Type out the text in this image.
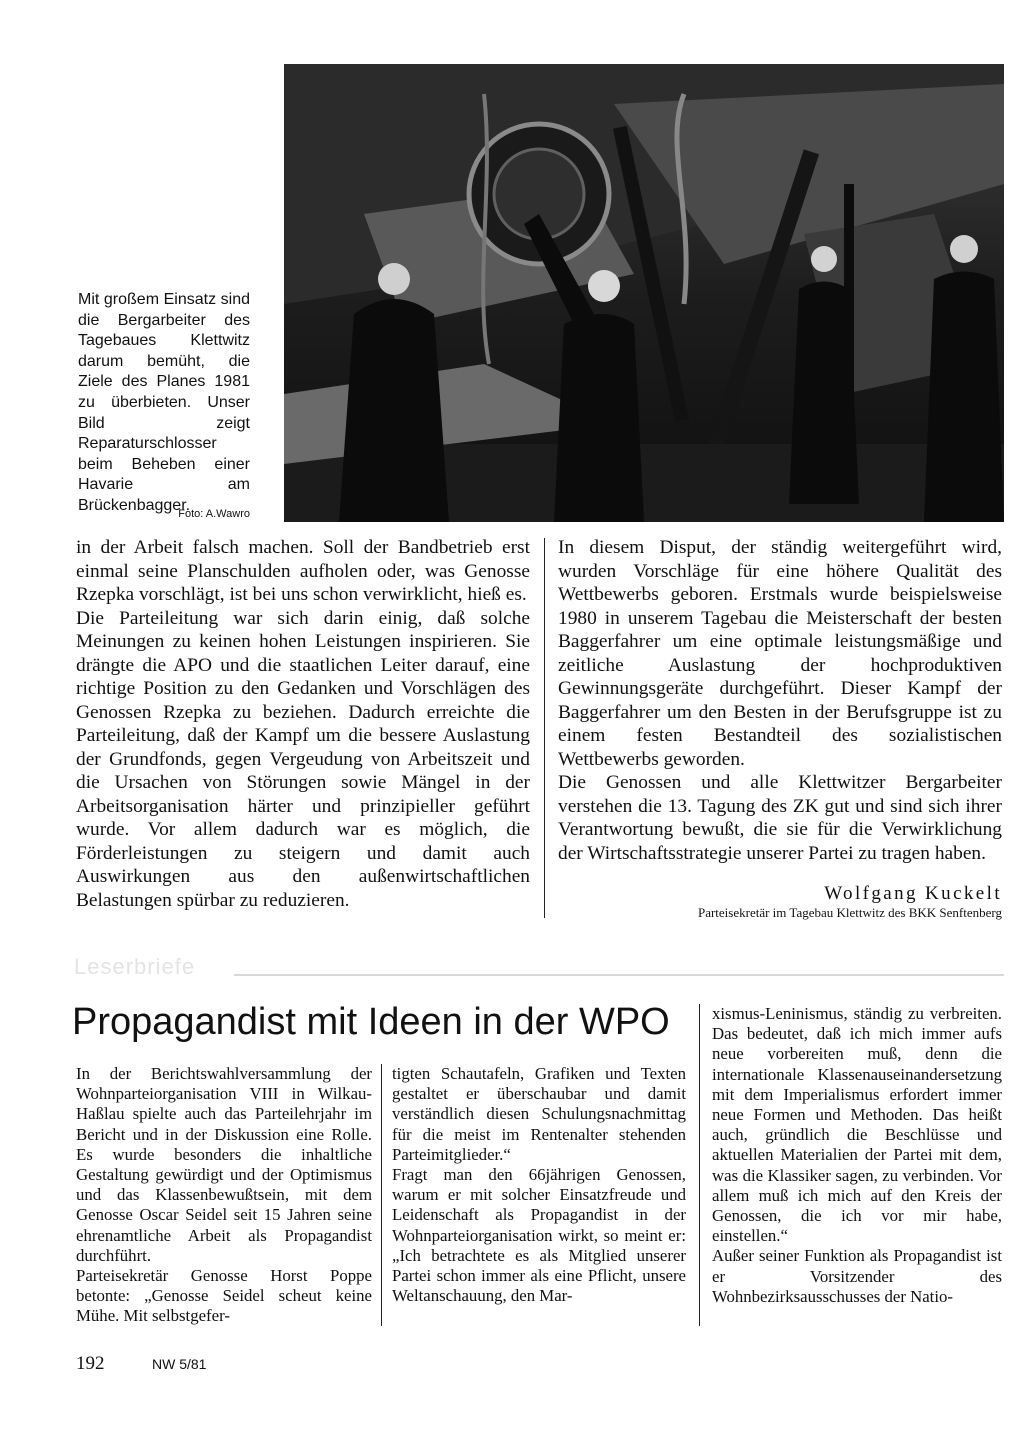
Mit großem Einsatz sind die Bergarbeiter des Tagebaues Klettwitz darum bemüht, die Ziele des Planes 1981 zu überbieten. Unser Bild zeigt Reparaturschlosser beim Beheben einer Havarie am Brückenbagger.
Foto: A.Wawro

in der Arbeit falsch machen. Soll der Bandbetrieb erst einmal seine Planschulden aufholen oder, was Genosse Rzepka vorschlägt, ist bei uns schon verwirklicht, hieß es.

Die Parteileitung war sich darin einig, daß solche Meinungen zu keinen hohen Leistungen inspirieren. Sie drängte die APO und die staatlichen Leiter darauf, eine richtige Position zu den Gedanken und Vorschlägen des Genossen Rzepka zu beziehen. Dadurch erreichte die Parteileitung, daß der Kampf um die bessere Auslastung der Grundfonds, gegen Vergeudung von Arbeitszeit und die Ursachen von Störungen sowie Mängel in der Arbeitsorganisation härter und prinzipieller geführt wurde. Vor allem dadurch war es möglich, die Förderleistungen zu steigern und damit auch Auswirkungen aus den außenwirtschaftlichen Belastungen spürbar zu reduzieren.

In diesem Disput, der ständig weitergeführt wird, wurden Vorschläge für eine höhere Qualität des Wettbewerbs geboren. Erstmals wurde beispielsweise 1980 in unserem Tagebau die Meisterschaft der besten Baggerfahrer um eine optimale leistungsmäßige und zeitliche Auslastung der hochproduktiven Gewinnungsgeräte durchgeführt. Dieser Kampf der Baggerfahrer um den Besten in der Berufsgruppe ist zu einem festen Bestandteil des sozialistischen Wettbewerbs geworden.

Die Genossen und alle Klettwitzer Bergarbeiter verstehen die 13. Tagung des ZK gut und sind sich ihrer Verantwortung bewußt, die sie für die Verwirklichung der Wirtschaftsstrategie unserer Partei zu tragen haben.

Wolfgang Kuckelt
Parteisekretär im Tagebau Klettwitz des BKK Senftenberg
Leserbriefe
Propagandist mit Ideen in der WPO

In der Berichtswahlversammlung der Wohnparteiorganisation VIII in Wilkau-Haßlau spielte auch das Parteilehrjahr im Bericht und in der Diskussion eine Rolle. Es wurde besonders die inhaltliche Gestaltung gewürdigt und der Optimismus und das Klassenbewußtsein, mit dem Genosse Oscar Seidel seit 15 Jahren seine ehrenamtliche Arbeit als Propagandist durchführt.

Parteisekretär Genosse Horst Poppe betonte: „Genosse Seidel scheut keine Mühe. Mit selbstgefer-

tigten Schautafeln, Grafiken und Texten gestaltet er überschaubar und damit verständlich diesen Schulungsnachmittag für die meist im Rentenalter stehenden Parteimitglieder.“

Fragt man den 66jährigen Genossen, warum er mit solcher Einsatzfreude und Leidenschaft als Propagandist in der Wohnparteiorganisation wirkt, so meint er: „Ich betrachtete es als Mitglied unserer Partei schon immer als eine Pflicht, unsere Weltanschauung, den Mar-

xismus-Leninismus, ständig zu verbreiten. Das bedeutet, daß ich mich immer aufs neue vorbereiten muß, denn die internationale Klassenauseinandersetzung mit dem Imperialismus erfordert immer neue Formen und Methoden. Das heißt auch, gründlich die Beschlüsse und aktuellen Materialien der Partei mit dem, was die Klassiker sagen, zu verbinden. Vor allem muß ich mich auf den Kreis der Genossen, die ich vor mir habe, einstellen.“

Außer seiner Funktion als Propagandist ist er Vorsitzender des Wohnbezirksausschusses der Natio-

192	NW 5/81
